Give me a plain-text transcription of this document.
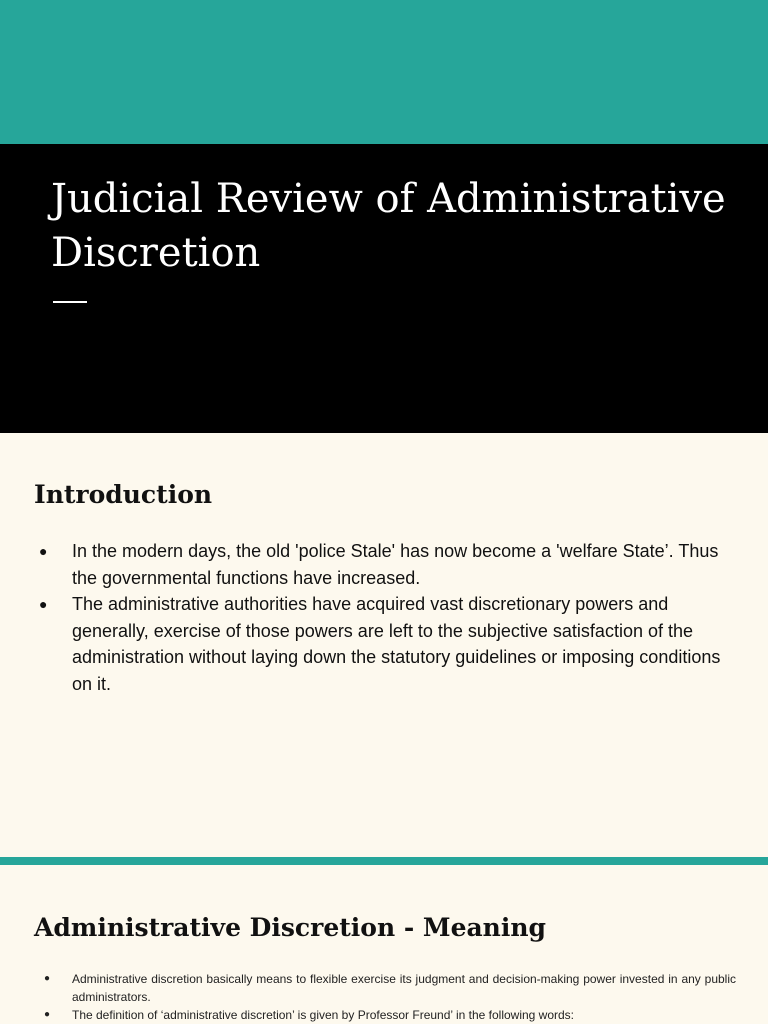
Judicial Review of Administrative
Discretion
Introduction
● In the modern days, the old 'police Stale' has now become a 'welfare State’. Thus the governmental functions have increased.
● The administrative authorities have acquired vast discretionary powers and generally, exercise of those powers are left to the subjective satisfaction of the administration without laying down the statutory guidelines or imposing conditions on it.
Administrative Discretion - Meaning
● Administrative discretion basically means to flexible exercise its judgment and decision-making power invested in any public administrators.
● The definition of ‘administrative discretion’ is given by Professor Freund’ in the following words:
